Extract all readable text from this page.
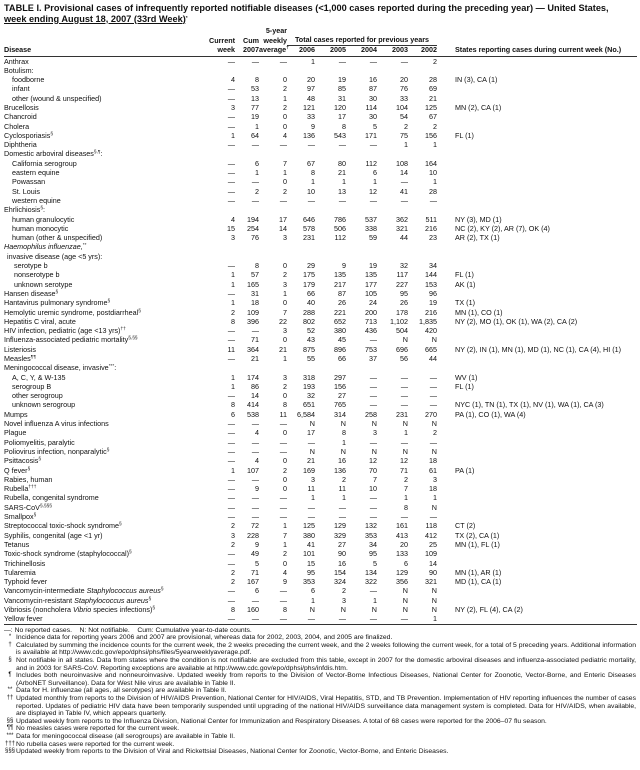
TABLE I. Provisional cases of infrequently reported notifiable diseases (<1,000 cases reported during the preceding year) — United States,
week ending August 18, 2007 (33rd Week)*
			5-year						
	Current	Cum	weekly	Total cases reported for previous years					
Disease	week	2007	average†	2006	2005	2004	2003	2002	States reporting cases during current week (No.)
Anthrax	—	—	—	1	—	—	—	2	
Botulism:									
foodborne	4	8	0	20	19	16	20	28	IN (3), CA (1)
infant	—	53	2	97	85	87	76	69	
other (wound & unspecified)	—	13	1	48	31	30	33	21	
Brucellosis	3	77	2	121	120	114	104	125	MN (2), CA (1)
Chancroid	—	19	0	33	17	30	54	67	
Cholera	—	1	0	9	8	5	2	2	
Cyclosporiasis§	1	64	4	136	543	171	75	156	FL (1)
Diphtheria	—	—	—	—	—	—	1	1	
Domestic arboviral diseases§,¶:									
California serogroup	—	6	7	67	80	112	108	164	
eastern equine	—	1	1	8	21	6	14	10	
Powassan	—	—	0	1	1	1	—	1	
St. Louis	—	2	2	10	13	12	41	28	
western equine	—	—	—	—	—	—	—	—	
Ehrlichiosis§:									
human granulocytic	4	194	17	646	786	537	362	511	NY (3), MD (1)
human monocytic	15	254	14	578	506	338	321	216	NC (2), KY (2), AR (7), OK (4)
human (other & unspecified)	3	76	3	231	112	59	44	23	AR (2), TX (1)
Haemophilus influenzae,**									
invasive disease (age <5 yrs):									
serotype b	—	8	0	29	9	19	32	34	
nonserotype b	1	57	2	175	135	135	117	144	FL (1)
unknown serotype	1	165	3	179	217	177	227	153	AK (1)
Hansen disease§	—	31	1	66	87	105	95	96	
Hantavirus pulmonary syndrome§	1	18	0	40	26	24	26	19	TX (1)
Hemolytic uremic syndrome, postdiarrheal§	2	109	7	288	221	200	178	216	MN (1), CO (1)
Hepatitis C viral, acute	8	396	22	802	652	713	1,102	1,835	NY (2), MO (1), OK (1), WA (2), CA (2)
HIV infection, pediatric (age <13 yrs)††	—	—	3	52	380	436	504	420	
Influenza-associated pediatric mortality§,§§	—	71	0	43	45	—	N	N	
Listeriosis	11	364	21	875	896	753	696	665	NY (2), IN (1), MN (1), MD (1), NC (1), CA (4), HI (1)
Measles¶¶	—	21	1	55	66	37	56	44	
Meningococcal disease, invasive***:									
A, C, Y, & W-135	1	174	3	318	297	—	—	—	WV (1)
serogroup B	1	86	2	193	156	—	—	—	FL (1)
other serogroup	—	14	0	32	27	—	—	—	
unknown serogroup	8	414	8	651	765	—	—	—	NYC (1), TN (1), TX (1), NV (1), WA (1), CA (3)
Mumps	6	538	11	6,584	314	258	231	270	PA (1), CO (1), WA (4)
Novel influenza A virus infections	—	—	—	N	N	N	N	N	
Plague	—	4	0	17	8	3	1	2	
Poliomyelitis, paralytic	—	—	—	—	1	—	—	—	
Poliovirus infection, nonparalytic§	—	—	—	N	N	N	N	N	
Psittacosis§	—	4	0	21	16	12	12	18	
Q fever§	1	107	2	169	136	70	71	61	PA (1)
Rabies, human	—	—	0	3	2	7	2	3	
Rubella†††	—	9	0	11	11	10	7	18	
Rubella, congenital syndrome	—	—	—	1	1	—	1	1	
SARS-CoV§,§§§	—	—	—	—	—	—	8	N	
Smallpox§	—	—	—	—	—	—	—	—	
Streptococcal toxic-shock syndrome§	2	72	1	125	129	132	161	118	CT (2)
Syphilis, congenital (age <1 yr)	3	228	7	380	329	353	413	412	TX (2), CA (1)
Tetanus	2	9	1	41	27	34	20	25	MN (1), FL (1)
Toxic-shock syndrome (staphylococcal)§	—	49	2	101	90	95	133	109	
Trichinellosis	—	5	0	15	16	5	6	14	
Tularemia	2	71	4	95	154	134	129	90	MN (1), AR (1)
Typhoid fever	2	167	9	353	324	322	356	321	MD (1), CA (1)
Vancomycin-intermediate Staphylococcus aureus§	—	6	—	6	2	—	N	N	
Vancomycin-resistant Staphylococcus aureus§	—	—	—	1	3	1	N	N	
Vibriosis (noncholera Vibrio species infections)§	8	160	8	N	N	N	N	N	NY (2), FL (4), CA (2)
Yellow fever	—	—	—	—	—	—	—	1	
—: No reported cases.    N: Not notifiable.    Cum: Cumulative year-to-date counts.
* Incidence data for reporting years 2006 and 2007 are provisional, whereas data for 2002, 2003, 2004, and 2005 are finalized.
† Calculated by summing the incidence counts for the current week, the 2 weeks preceding the current week, and the 2 weeks following the current week, for a total of 5 preceding years. Additional information is available at http://www.cdc.gov/epo/dphsi/phs/files/5yearweeklyaverage.pdf.
§ Not notifiable in all states. Data from states where the condition is not notifiable are excluded from this table, except in 2007 for the domestic arboviral diseases and influenza-associated pediatric mortality, and in 2003 for SARS-CoV. Reporting exceptions are available at http://www.cdc.gov/epo/dphsi/phs/infdis.htm.
¶ Includes both neuroinvasive and nonneuroinvasive. Updated weekly from reports to the Division of Vector-Borne Infectious Diseases, National Center for Zoonotic, Vector-Borne, and Enteric Diseases (ArboNET Surveillance). Data for West Nile virus are available in Table II.
** Data for H. influenzae (all ages, all serotypes) are available in Table II.
†† Updated monthly from reports to the Division of HIV/AIDS Prevention, National Center for HIV/AIDS, Viral Hepatitis, STD, and TB Prevention. Implementation of HIV reporting influences the number of cases reported. Updates of pediatric HIV data have been temporarily suspended until upgrading of the national HIV/AIDS surveillance data management system is completed. Data for HIV/AIDS, when available, are displayed in Table IV, which appears quarterly.
§§ Updated weekly from reports to the Influenza Division, National Center for Immunization and Respiratory Diseases. A total of 68 cases were reported for the 2006–07 flu season.
¶¶ No measles cases were reported for the current week.
*** Data for meningococcal disease (all serogroups) are available in Table II.
††† No rubella cases were reported for the current week.
§§§ Updated weekly from reports to the Division of Viral and Rickettsial Diseases, National Center for Zoonotic, Vector-Borne, and Enteric Diseases.
